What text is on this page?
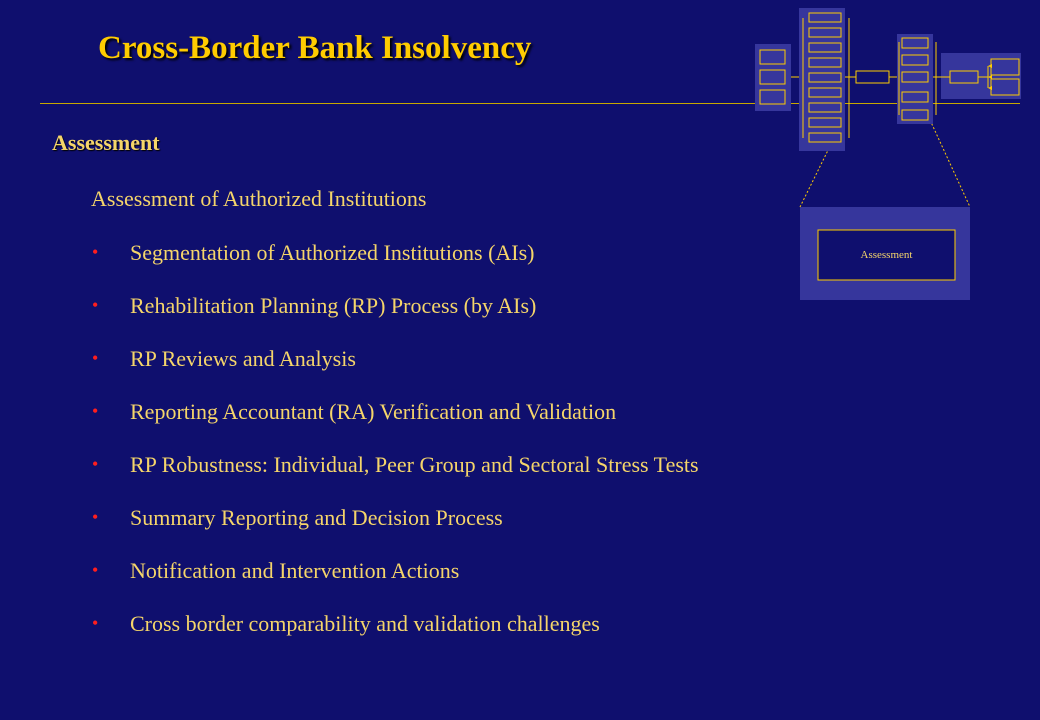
Cross-Border Bank Insolvency
Assessment
Assessment of Authorized Institutions
• Segmentation of Authorized Institutions (AIs)
• Rehabilitation Planning (RP) Process (by AIs)
• RP Reviews and Analysis
• Reporting Accountant (RA) Verification and Validation
• RP Robustness: Individual, Peer Group and Sectoral Stress Tests
• Summary Reporting and Decision Process
• Notification and Intervention Actions
• Cross border comparability and validation challenges
Assessment
